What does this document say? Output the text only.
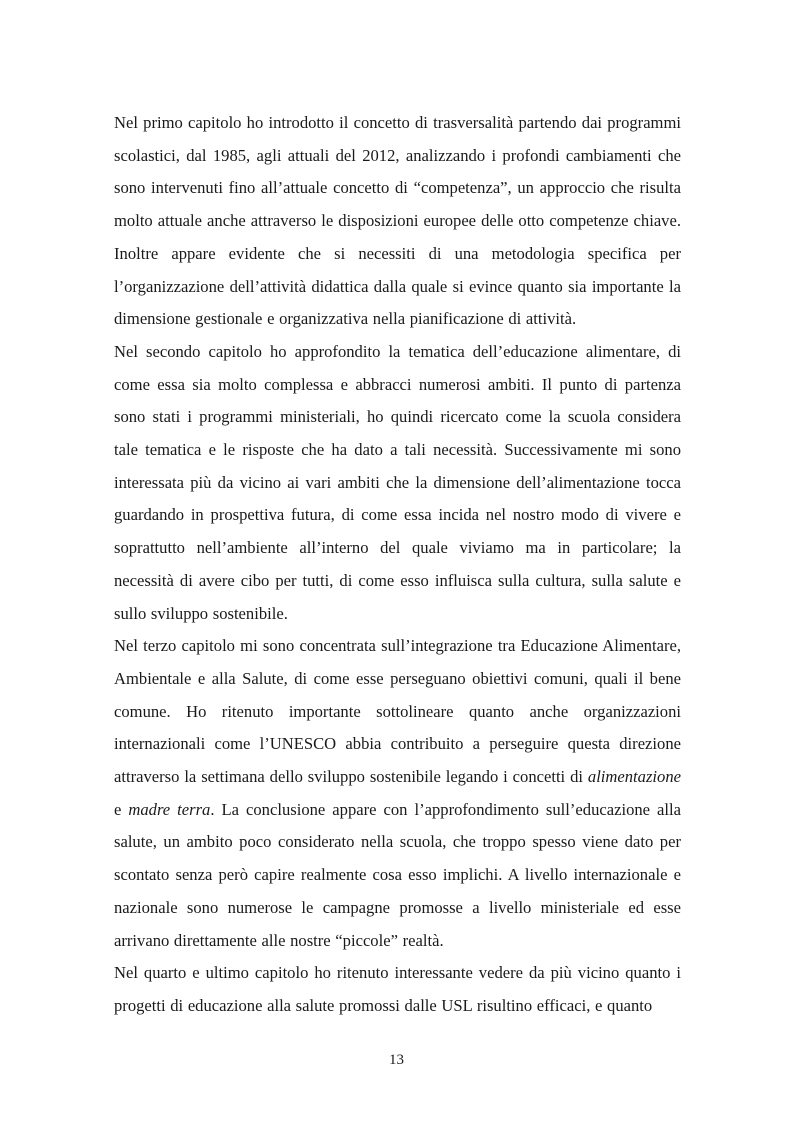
Nel primo capitolo ho introdotto il concetto di trasversalità partendo dai programmi scolastici, dal 1985, agli attuali del 2012, analizzando i profondi cambiamenti che sono intervenuti fino all’attuale concetto di “competenza”, un approccio che risulta molto attuale anche attraverso le disposizioni europee delle otto competenze chiave. Inoltre appare evidente che si necessiti di una metodologia specifica per l’organizzazione dell’attività didattica dalla quale si evince quanto sia importante la dimensione gestionale e organizzativa nella pianificazione di attività.

Nel secondo capitolo ho approfondito la tematica dell’educazione alimentare, di come essa sia molto complessa e abbracci numerosi ambiti. Il punto di partenza sono stati i programmi ministeriali, ho quindi ricercato come la scuola considera tale tematica e le risposte che ha dato a tali necessità. Successivamente mi sono interessata più da vicino ai vari ambiti che la dimensione dell’alimentazione tocca guardando in prospettiva futura, di come essa incida nel nostro modo di vivere e soprattutto nell’ambiente all’interno del quale viviamo ma in particolare; la necessità di avere cibo per tutti, di come esso influisca sulla cultura, sulla salute e sullo sviluppo sostenibile.

Nel terzo capitolo mi sono concentrata sull’integrazione tra Educazione Alimentare, Ambientale e alla Salute, di come esse perseguano obiettivi comuni, quali il bene comune. Ho ritenuto importante sottolineare quanto anche organizzazioni internazionali come l’UNESCO abbia contribuito a perseguire questa direzione attraverso la settimana dello sviluppo sostenibile legando i concetti di alimentazione e madre terra. La conclusione appare con l’approfondimento sull’educazione alla salute, un ambito poco considerato nella scuola, che troppo spesso viene dato per scontato senza però capire realmente cosa esso implichi. A livello internazionale e nazionale sono numerose le campagne promosse a livello ministeriale ed esse arrivano direttamente alle nostre “piccole” realtà.

Nel quarto e ultimo capitolo ho ritenuto interessante vedere da più vicino quanto i progetti di educazione alla salute promossi dalle USL risultino efficaci, e quanto

13
